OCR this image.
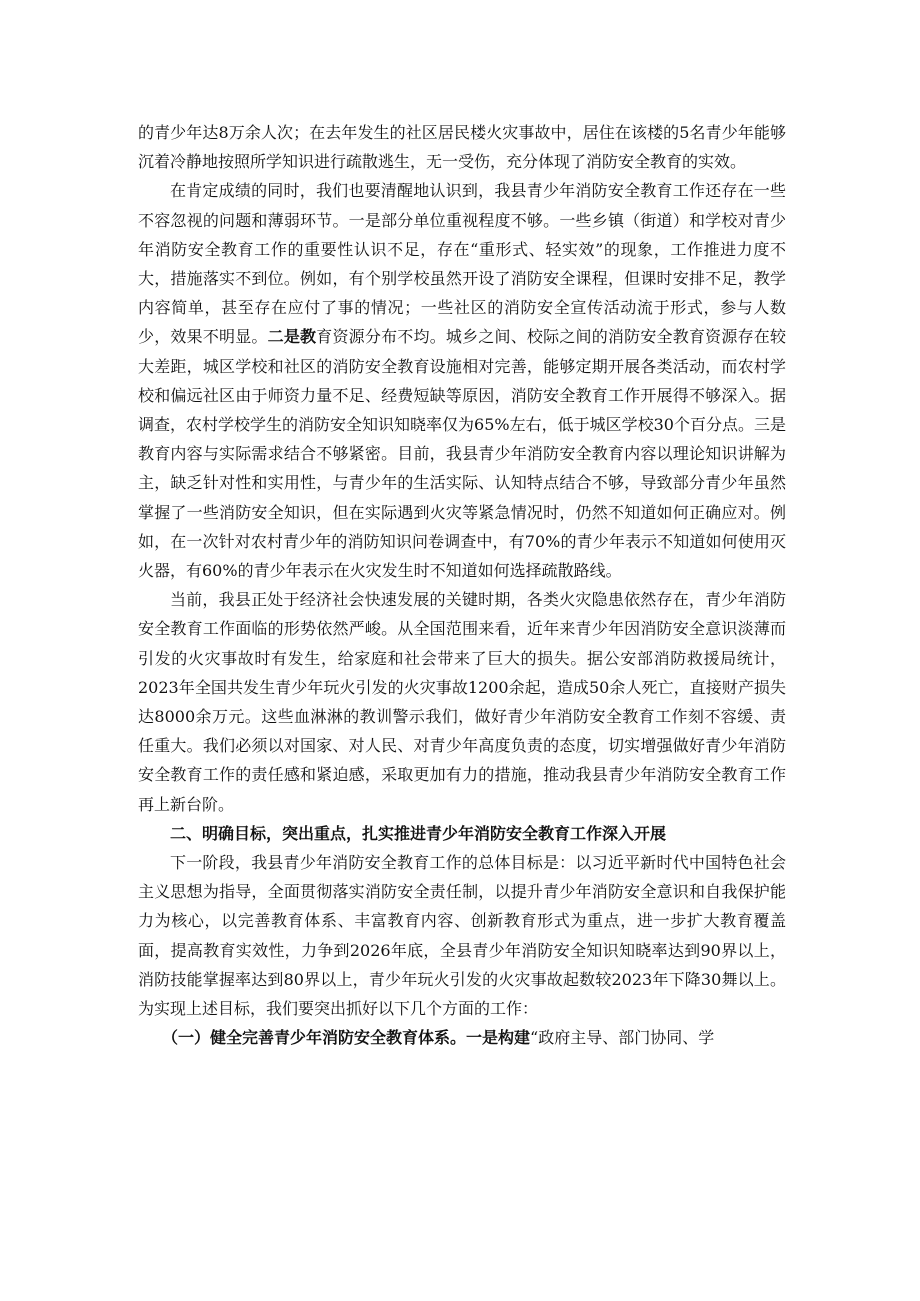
的青少年达8万余人次；在去年发生的社区居民楼火灾事故中，居住在该楼的5名青少年能够沉着冷静地按照所学知识进行疏散逃生，无一受伤，充分体现了消防安全教育的实效。

在肯定成绩的同时，我们也要清醒地认识到，我县青少年消防安全教育工作还存在一些不容忽视的问题和薄弱环节。一是部分单位重视程度不够。一些乡镇（街道）和学校对青少年消防安全教育工作的重要性认识不足，存在“重形式、轻实效”的现象，工作推进力度不大，措施落实不到位。例如，有个别学校虽然开设了消防安全课程，但课时安排不足，教学内容简单，甚至存在应付了事的情况；一些社区的消防安全宣传活动流于形式，参与人数少，效果不明显。二是教育资源分布不均。城乡之间、校际之间的消防安全教育资源存在较大差距，城区学校和社区的消防安全教育设施相对完善，能够定期开展各类活动，而农村学校和偏远社区由于师资力量不足、经费短缺等原因，消防安全教育工作开展得不够深入。据调查，农村学校学生的消防安全知识知晓率仅为65%左右，低于城区学校30个百分点。三是教育内容与实际需求结合不够紧密。目前，我县青少年消防安全教育内容以理论知识讲解为主，缺乏针对性和实用性，与青少年的生活实际、认知特点结合不够，导致部分青少年虽然掌握了一些消防安全知识，但在实际遇到火灾等紧急情况时，仍然不知道如何正确应对。例如，在一次针对农村青少年的消防知识问卷调查中，有70%的青少年表示不知道如何使用灭火器，有60%的青少年表示在火灾发生时不知道如何选择疏散路线。

当前，我县正处于经济社会快速发展的关键时期，各类火灾隐患依然存在，青少年消防安全教育工作面临的形势依然严峻。从全国范围来看，近年来青少年因消防安全意识淡薄而引发的火灾事故时有发生，给家庭和社会带来了巨大的损失。据公安部消防救援局统计，2023年全国共发生青少年玩火引发的火灾事故1200余起，造成50余人死亡，直接财产损失达8000余万元。这些血淋淋的教训警示我们，做好青少年消防安全教育工作刻不容缓、责任重大。我们必须以对国家、对人民、对青少年高度负责的态度，切实增强做好青少年消防安全教育工作的责任感和紧迫感，采取更加有力的措施，推动我县青少年消防安全教育工作再上新台阶。

二、明确目标，突出重点，扎实推进青少年消防安全教育工作深入开展

下一阶段，我县青少年消防安全教育工作的总体目标是：以习近平新时代中国特色社会主义思想为指导，全面贯彻落实消防安全责任制，以提升青少年消防安全意识和自我保护能力为核心，以完善教育体系、丰富教育内容、创新教育形式为重点，进一步扩大教育覆盖面，提高教育实效性，力争到2026年底，全县青少年消防安全知识知晓率达到90界以上，消防技能掌握率达到80界以上，青少年玩火引发的火灾事故起数较2023年下降30舞以上。为实现上述目标，我们要突出抓好以下几个方面的工作：

（一）健全完善青少年消防安全教育体系。一是构建“政府主导、部门协同、学
